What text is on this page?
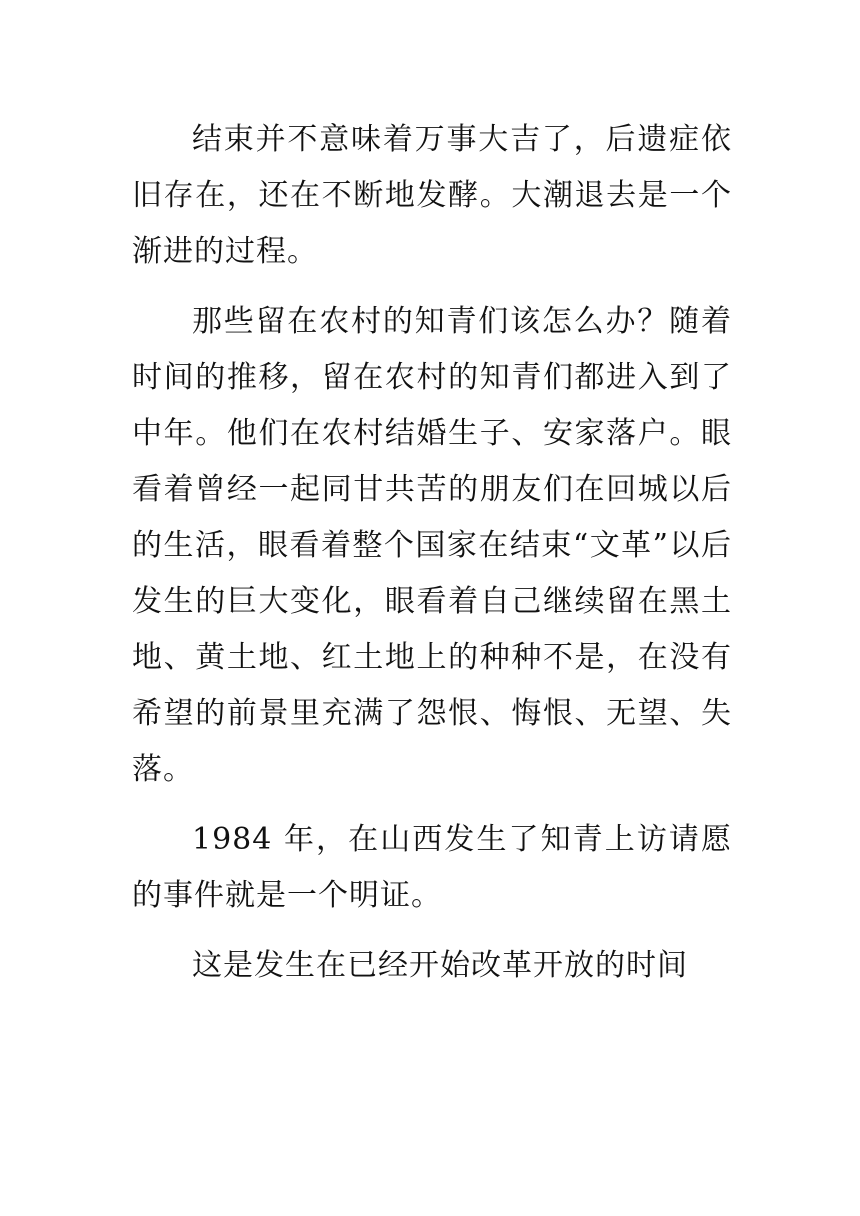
结束并不意味着万事大吉了，后遗症依旧存在，还在不断地发酵。大潮退去是一个渐进的过程。

那些留在农村的知青们该怎么办？随着时间的推移，留在农村的知青们都进入到了中年。他们在农村结婚生子、安家落户。眼看着曾经一起同甘共苦的朋友们在回城以后的生活，眼看着整个国家在结束“文革”以后发生的巨大变化，眼看着自己继续留在黑土地、黄土地、红土地上的种种不是，在没有希望的前景里充满了怨恨、悔恨、无望、失落。

1984 年，在山西发生了知青上访请愿的事件就是一个明证。

这是发生在已经开始改革开放的时间
